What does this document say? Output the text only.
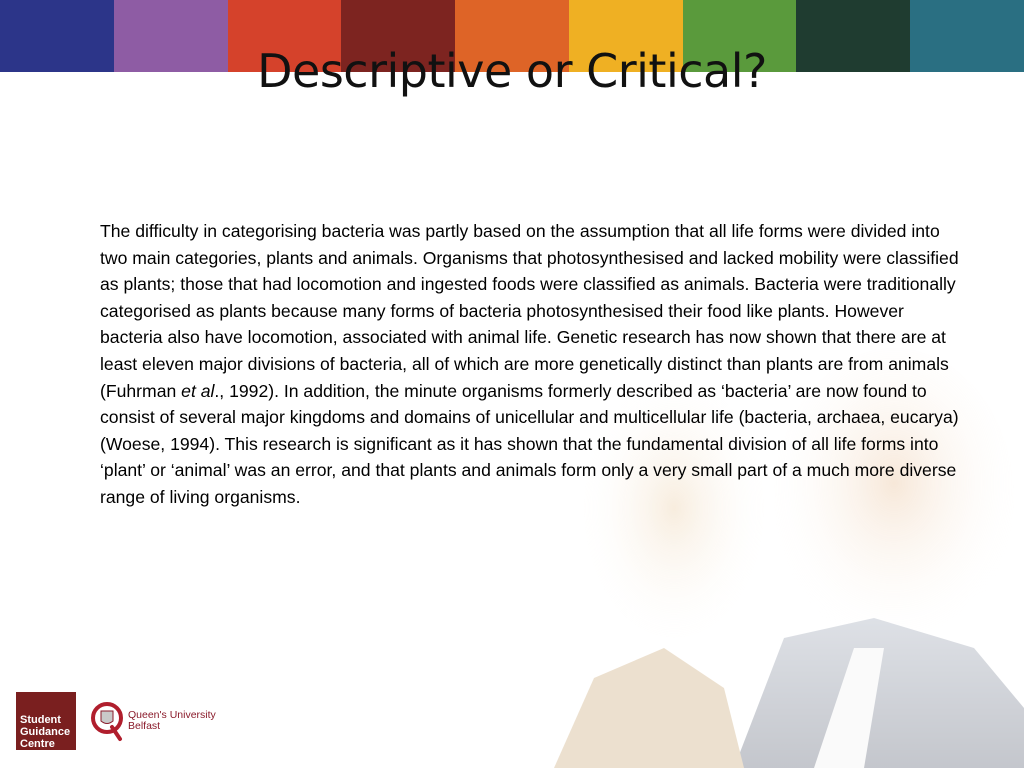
Descriptive or Critical?

The difficulty in categorising bacteria was partly based on the assumption that all life forms were divided into two main categories, plants and animals. Organisms that photosynthesised and lacked mobility were classified as plants; those that had locomotion and ingested foods were classified as animals. Bacteria were traditionally categorised as plants because many forms of bacteria photosynthesised their food like plants. However bacteria also have locomotion, associated with animal life. Genetic research has now shown that there are at least eleven major divisions of bacteria, all of which are more genetically distinct than plants are from animals (Fuhrman et al., 1992). In addition, the minute organisms formerly described as ‘bacteria’ are now found to consist of several major kingdoms and domains of unicellular and multicellular life (bacteria, archaea, eucarya) (Woese, 1994). This research is significant as it has shown that the fundamental division of all life forms into ‘plant’ or ‘animal’ was an error, and that plants and animals form only a very small part of a much more diverse range of living organisms.

Student
Guidance
Centre
Queen's University
Belfast
